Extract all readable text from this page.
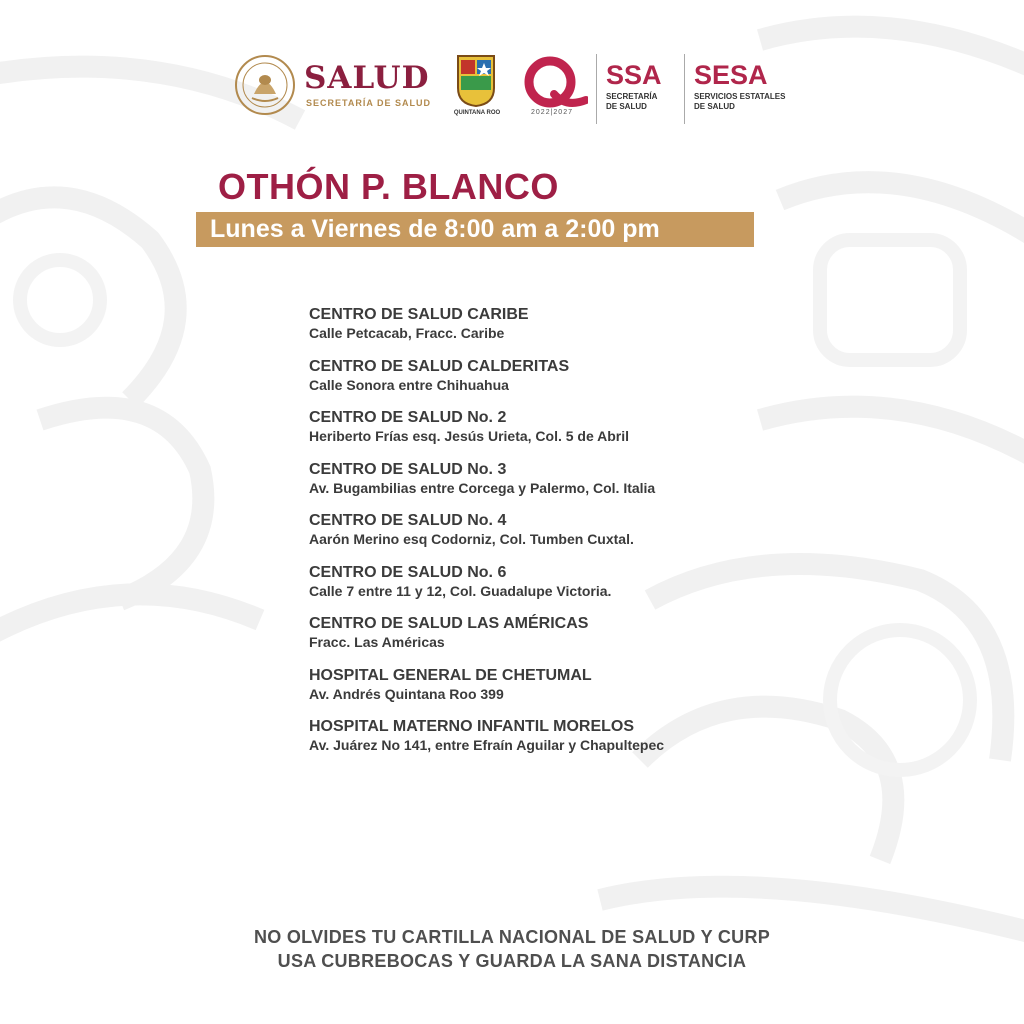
SALUD
SECRETARÍA DE SALUD
QUINTANA ROO	2022|2027
SSA
SECRETARÍA
DE SALUD
SESA
SERVICIOS ESTATALES
DE SALUD
OTHÓN P. BLANCO
Lunes a Viernes de 8:00 am a 2:00 pm
CENTRO DE SALUD CARIBE
Calle Petcacab, Fracc. Caribe
CENTRO DE SALUD CALDERITAS
Calle Sonora entre Chihuahua
CENTRO DE SALUD No. 2
Heriberto Frías esq. Jesús Urieta, Col. 5 de Abril
CENTRO DE SALUD No. 3
Av. Bugambilias entre Corcega y Palermo, Col. Italia
CENTRO DE SALUD No. 4
Aarón Merino esq Codorniz, Col. Tumben Cuxtal.
CENTRO DE SALUD No. 6
Calle 7 entre 11 y 12, Col. Guadalupe Victoria.
CENTRO DE SALUD LAS AMÉRICAS
Fracc. Las Américas
HOSPITAL GENERAL DE CHETUMAL
Av. Andrés Quintana Roo 399
HOSPITAL MATERNO INFANTIL MORELOS
Av. Juárez No 141, entre Efraín Aguilar y Chapultepec
NO OLVIDES TU CARTILLA NACIONAL DE SALUD Y CURP
USA CUBREBOCAS Y GUARDA LA SANA DISTANCIA
